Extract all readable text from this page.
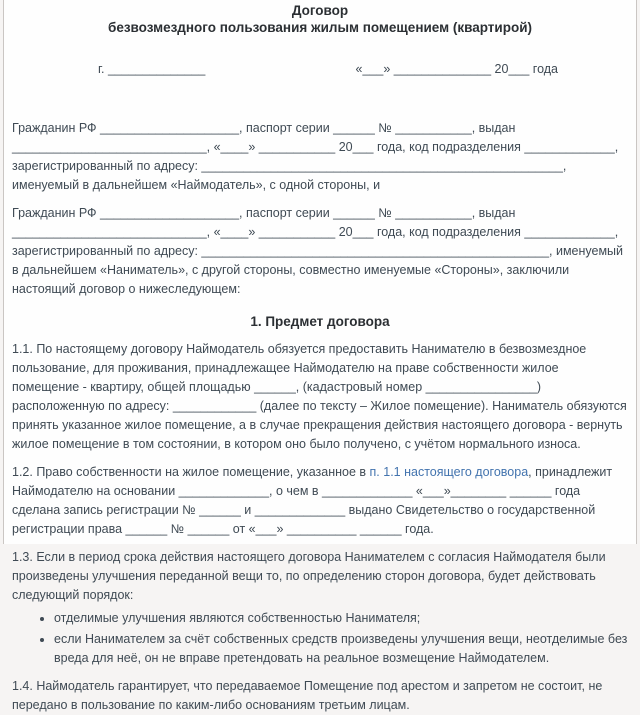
Договор
безвозмездного пользования жилым помещением (квартирой)
г. ______________	«___» ______________ 20___ года

Гражданин РФ ____________________, паспорт серии ______ № ___________, выдан ____________________________, «____» ___________ 20___ года, код подразделения _____________, зарегистрированный по адресу: ____________________________________________________, именуемый в дальнейшем «Наймодатель», с одной стороны, и

Гражданин РФ ____________________, паспорт серии ______ № ___________, выдан ____________________________, «____» ___________ 20___ года, код подразделения _____________, зарегистрированный по адресу: __________________________________________________, именуемый в дальнейшем «Наниматель», с другой стороны, совместно именуемые «Стороны», заключили настоящий договор о нижеследующем:

1. Предмет договора

1.1. По настоящему договору Наймодатель обязуется предоставить Нанимателю в безвозмездное пользование, для проживания, принадлежащее Наймодателю на праве собственности жилое помещение - квартиру, общей площадью ______, (кадастровый номер ________________) расположенную по адресу: ____________ (далее по тексту – Жилое помещение). Наниматель обязуются принять указанное жилое помещение, а в случае прекращения действия настоящего договора - вернуть жилое помещение в том состоянии, в котором оно было получено, с учётом нормального износа.

1.2. Право собственности на жилое помещение, указанное в п. 1.1 настоящего договора, принадлежит Наймодателю на основании _____________, о чем в _____________ «___»________ ______ года сделана запись регистрации № ______ и _____________ выдано Свидетельство о государственной регистрации права ______ № ______ от «___» __________ ______ года.

1.3. Если в период срока действия настоящего договора Нанимателем с согласия Наймодателя были произведены улучшения переданной вещи то, по определению сторон договора, будет действовать следующий порядок:

• отделимые улучшения являются собственностью Нанимателя;
• если Нанимателем за счёт собственных средств произведены улучшения вещи, неотделимые без вреда для неё, он не вправе претендовать на реальное возмещение Наймодателем.

1.4. Наймодатель гарантирует, что передаваемое Помещение под арестом и запретом не состоит, не передано в пользование по каким-либо основаниям третьим лицам.
